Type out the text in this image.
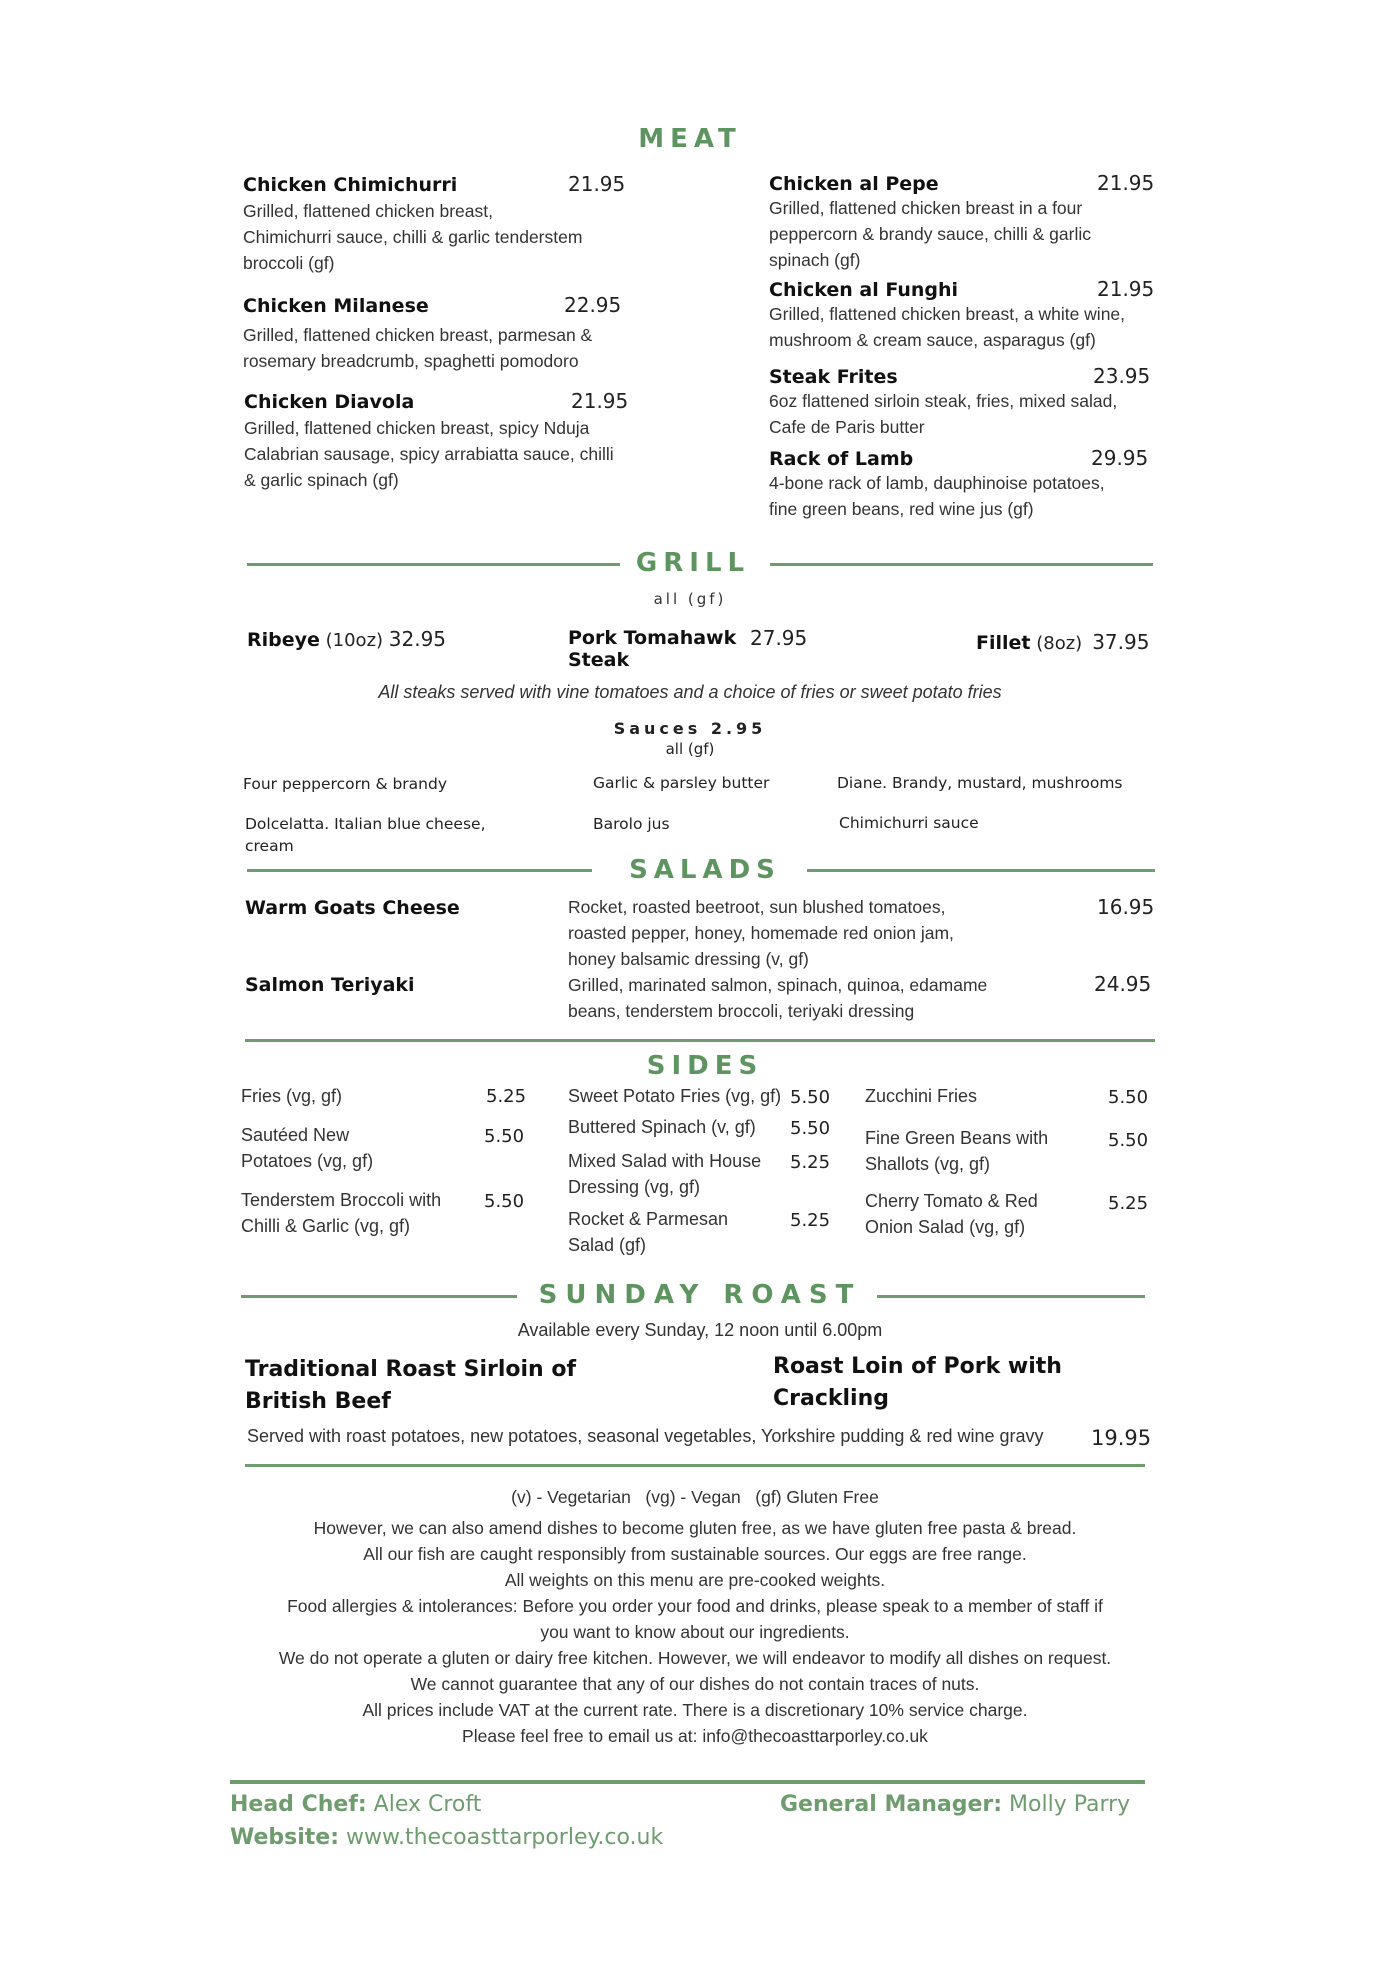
MEAT
Chicken Chimichurri	21.95
Grilled, flattened chicken breast,
Chimichurri sauce, chilli & garlic tenderstem
broccoli (gf)
Chicken Milanese	22.95
Grilled, flattened chicken breast, parmesan &
rosemary breadcrumb, spaghetti pomodoro
Chicken Diavola	21.95
Grilled, flattened chicken breast, spicy Nduja
Calabrian sausage, spicy arrabiatta sauce, chilli
& garlic spinach (gf)
Chicken al Pepe	21.95
Grilled, flattened chicken breast in a four
peppercorn & brandy sauce, chilli & garlic
spinach (gf)
Chicken al Funghi	21.95
Grilled, flattened chicken breast, a white wine,
mushroom & cream sauce, asparagus (gf)
Steak Frites	23.95
6oz flattened sirloin steak, fries, mixed salad,
Cafe de Paris butter
Rack of Lamb	29.95
4-bone rack of lamb, dauphinoise potatoes,
fine green beans, red wine jus (gf)
GRILL
all (gf)
Ribeye (10oz) 32.95	Pork Tomahawk
Steak
27.95	Fillet (8oz) 37.95
All steaks served with vine tomatoes and a choice of fries or sweet potato fries
Sauces 2.95
all (gf)
Four peppercorn & brandy	Garlic & parsley butter	Diane. Brandy, mustard, mushrooms
Dolcelatta. Italian blue cheese,
cream
Barolo jus	Chimichurri sauce
SALADS
Warm Goats Cheese	Rocket, roasted beetroot, sun blushed tomatoes,
roasted pepper, honey, homemade red onion jam,
honey balsamic dressing (v, gf)
16.95
Salmon Teriyaki	Grilled, marinated salmon, spinach, quinoa, edamame
beans, tenderstem broccoli, teriyaki dressing
24.95
SIDES
Fries (vg, gf)	5.25
Sautéed New
Potatoes (vg, gf)
5.50
Tenderstem Broccoli with
Chilli & Garlic (vg, gf)
5.50
Sweet Potato Fries (vg, gf) 5.50
Buttered Spinach (v, gf) 5.50
Mixed Salad with House
Dressing (vg, gf)
5.25
Rocket & Parmesan
Salad (gf)
5.25
Zucchini Fries	5.50
Fine Green Beans with
Shallots (vg, gf)
5.50
Cherry Tomato & Red
Onion Salad (vg, gf)
5.25
SUNDAY ROAST
Available every Sunday, 12 noon until 6.00pm
Traditional Roast Sirloin of
British Beef
Roast Loin of Pork with
Crackling
Served with roast potatoes, new potatoes, seasonal vegetables, Yorkshire pudding & red wine gravy 19.95
(v) - Vegetarian   (vg) - Vegan   (gf) Gluten Free
However, we can also amend dishes to become gluten free, as we have gluten free pasta & bread.
All our fish are caught responsibly from sustainable sources. Our eggs are free range.
All weights on this menu are pre-cooked weights.
Food allergies & intolerances: Before you order your food and drinks, please speak to a member of staff if
you want to know about our ingredients.
We do not operate a gluten or dairy free kitchen. However, we will endeavor to modify all dishes on request.
We cannot guarantee that any of our dishes do not contain traces of nuts.
All prices include VAT at the current rate. There is a discretionary 10% service charge.
Please feel free to email us at: info@thecoasttarporley.co.uk
Head Chef: Alex Croft
Website: www.thecoasttarporley.co.uk
General Manager: Molly Parry
